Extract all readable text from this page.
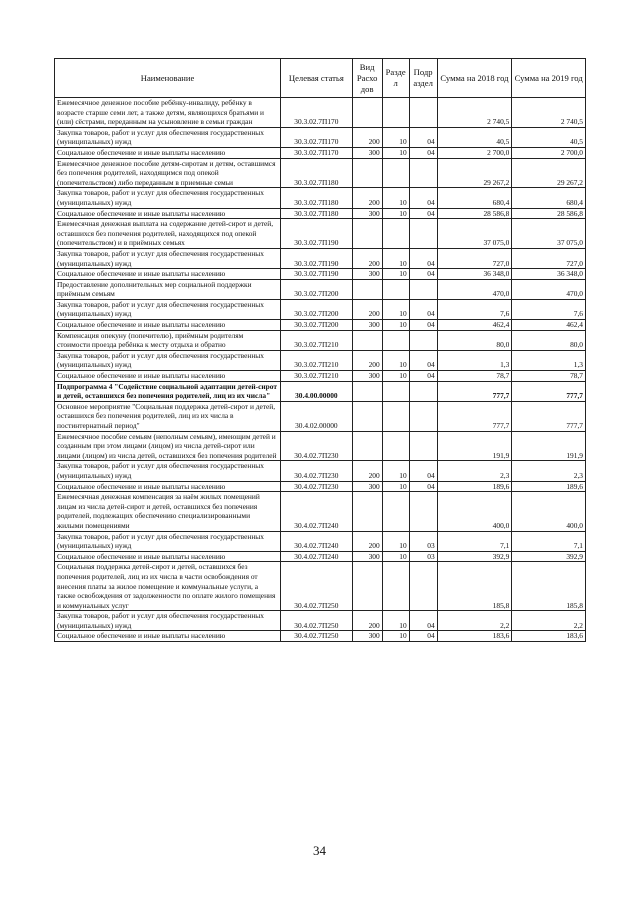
Наименование	Целевая статья	Вид Расхо дов	Разде л	Подр аздел	Сумма на 2018 год	Сумма на 2019 год
Ежемесячное денежное пособие ребёнку-инвалиду, ребёнку в возрасте старше семи лет, а также детям, являющихся братьями и (или) сёстрами, переданным на усыновление в семьи граждан	30.3.02.7П170				2 740,5	2 740,5
Закупка товаров, работ и услуг для обеспечения государственных (муниципальных) нужд	30.3.02.7П170	200	10	04	40,5	40,5
Социальное обеспечение и иные выплаты населению	30.3.02.7П170	300	10	04	2 700,0	2 700,0
Ежемесячное денежное пособие детям-сиротам и детям, оставшимся без попечения родителей, находящимся под опекой (попечительством) либо переданным в приемные семьи	30.3.02.7П180				29 267,2	29 267,2
Закупка товаров, работ и услуг для обеспечения государственных (муниципальных) нужд	30.3.02.7П180	200	10	04	680,4	680,4
Социальное обеспечение и иные выплаты населению	30.3.02.7П180	300	10	04	28 586,8	28 586,8
Ежемесячная денежная выплата на содержание детей-сирот и детей, оставшихся без попечения родителей, находящихся под опекой (попечительством) и в приёмных семьях	30.3.02.7П190				37 075,0	37 075,0
Закупка товаров, работ и услуг для обеспечения государственных (муниципальных) нужд	30.3.02.7П190	200	10	04	727,0	727,0
Социальное обеспечение и иные выплаты населению	30.3.02.7П190	300	10	04	36 348,0	36 348,0
Предоставление дополнительных мер социальной поддержки приёмным семьям	30.3.02.7П200				470,0	470,0
Закупка товаров, работ и услуг для обеспечения государственных (муниципальных) нужд	30.3.02.7П200	200	10	04	7,6	7,6
Социальное обеспечение и иные выплаты населению	30.3.02.7П200	300	10	04	462,4	462,4
Компенсация опекуну (попечителю), приёмным родителям стоимости проезда ребёнка к месту отдыха и обратно	30.3.02.7П210				80,0	80,0
Закупка товаров, работ и услуг для обеспечения государственных (муниципальных) нужд	30.3.02.7П210	200	10	04	1,3	1,3
Социальное обеспечение и иные выплаты населению	30.3.02.7П210	300	10	04	78,7	78,7
Подпрограмма 4 "Содействие социальной адаптации детей-сирот и детей, оставшихся без попечения родителей, лиц из их числа"	30.4.00.00000				777,7	777,7
Основное мероприятие "Социальная поддержка детей-сирот и детей, оставшихся без попечения родителей, лиц из их числа в постинтернатный период"	30.4.02.00000				777,7	777,7
Ежемесячное пособие семьям (неполным семьям), имеющим детей и созданным при этом лицами (лицом) из числа детей-сирот или лицами (лицом) из числа детей, оставшихся без попечения родителей	30.4.02.7П230				191,9	191,9
Закупка товаров, работ и услуг для обеспечения государственных (муниципальных) нужд	30.4.02.7П230	200	10	04	2,3	2,3
Социальное обеспечение и иные выплаты населению	30.4.02.7П230	300	10	04	189,6	189,6
Ежемесячная денежная компенсация за наём жилых помещений лицам из числа детей-сирот и детей, оставшихся без попечения родителей, подлежащих обеспечению специализированными жилыми помещениями	30.4.02.7П240				400,0	400,0
Закупка товаров, работ и услуг для обеспечения государственных (муниципальных) нужд	30.4.02.7П240	200	10	03	7,1	7,1
Социальное обеспечение и иные выплаты населению	30.4.02.7П240	300	10	03	392,9	392,9
Социальная поддержка детей-сирот и детей, оставшихся без попечения родителей, лиц из их числа в части освобождения от внесения платы за жилое помещение и коммунальные услуги, а также освобождения от задолженности по оплате жилого помещения и коммунальных услуг	30.4.02.7П250				185,8	185,8
Закупка товаров, работ и услуг для обеспечения государственных (муниципальных) нужд	30.4.02.7П250	200	10	04	2,2	2,2
Социальное обеспечение и иные выплаты населению	30.4.02.7П250	300	10	04	183,6	183,6
34
